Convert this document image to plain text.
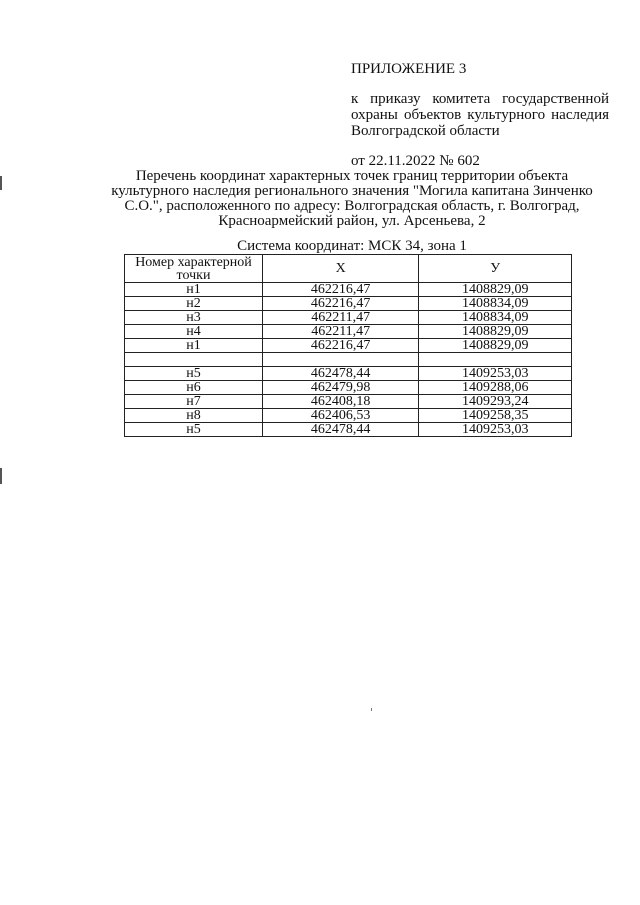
ПРИЛОЖЕНИЕ 3

к приказу комитета государственной охраны объектов культурного наследия Волгоградской области

от 22.11.2022 № 602

Перечень координат характерных точек границ территории объекта культурного наследия регионального значения "Могила капитана Зинченко С.О.", расположенного по адресу: Волгоградская область, г. Волгоград, Красноармейский район, ул. Арсеньева, 2
Система координат: МСК 34, зона 1
Номер характерной точки	X	У
н1	462216,47	1408829,09
н2	462216,47	1408834,09
н3	462211,47	1408834,09
н4	462211,47	1408829,09
н1	462216,47	1408829,09

н5	462478,44	1409253,03
н6	462479,98	1409288,06
н7	462408,18	1409293,24
н8	462406,53	1409258,35
н5	462478,44	1409253,03
